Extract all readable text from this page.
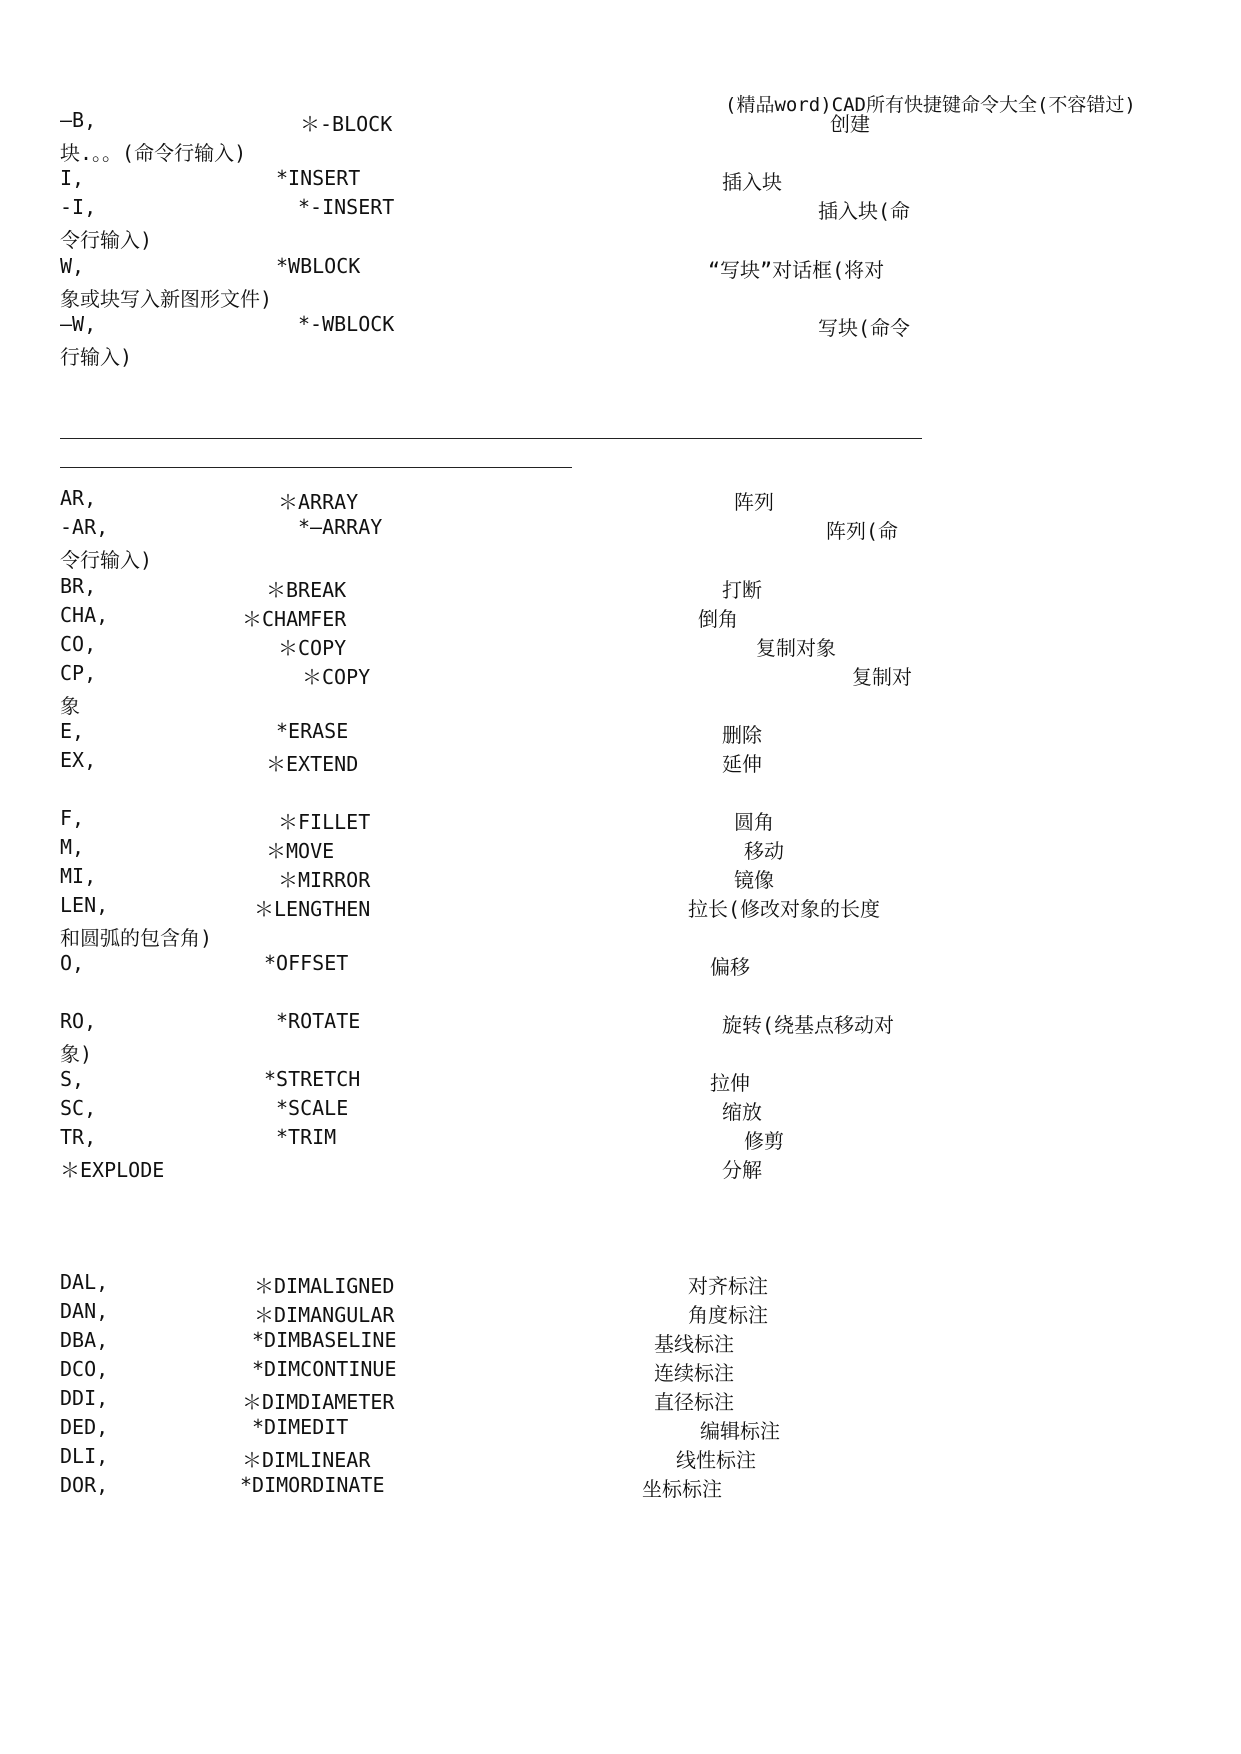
(精品word)CAD所有快捷键命令大全(不容错过)
—B,	＊-BLOCK	创建
块.。。(命令行输入)
I,	*INSERT	插入块
-I,	*-INSERT	插入块(命
令行输入)
W,	*WBLOCK	“写块”对话框(将对
象或块写入新图形文件)
—W,	*-WBLOCK	写块(命令
行输入)
AR,	＊ARRAY	阵列
-AR,	*—ARRAY	阵列(命
令行输入)
BR,	＊BREAK	打断
CHA,	＊CHAMFER	倒角
CO,	＊COPY	复制对象
CP,	＊COPY	复制对
象
E,	*ERASE	删除
EX,	＊EXTEND	延伸
F,	＊FILLET	圆角
M,	＊MOVE	移动
MI,	＊MIRROR	镜像
LEN,	＊LENGTHEN	拉长(修改对象的长度
和圆弧的包含角)
O,	*OFFSET	偏移
RO,	*ROTATE	旋转(绕基点移动对
象)
S,	*STRETCH	拉伸
SC,	*SCALE	缩放
TR,	*TRIM	修剪
＊EXPLODE	分解
DAL,	＊DIMALIGNED	对齐标注
DAN,	＊DIMANGULAR	角度标注
DBA,	*DIMBASELINE	基线标注
DCO,	*DIMCONTINUE	连续标注
DDI,	＊DIMDIAMETER	直径标注
DED,	*DIMEDIT	编辑标注
DLI,	＊DIMLINEAR	线性标注
DOR,	*DIMORDINATE	坐标标注
